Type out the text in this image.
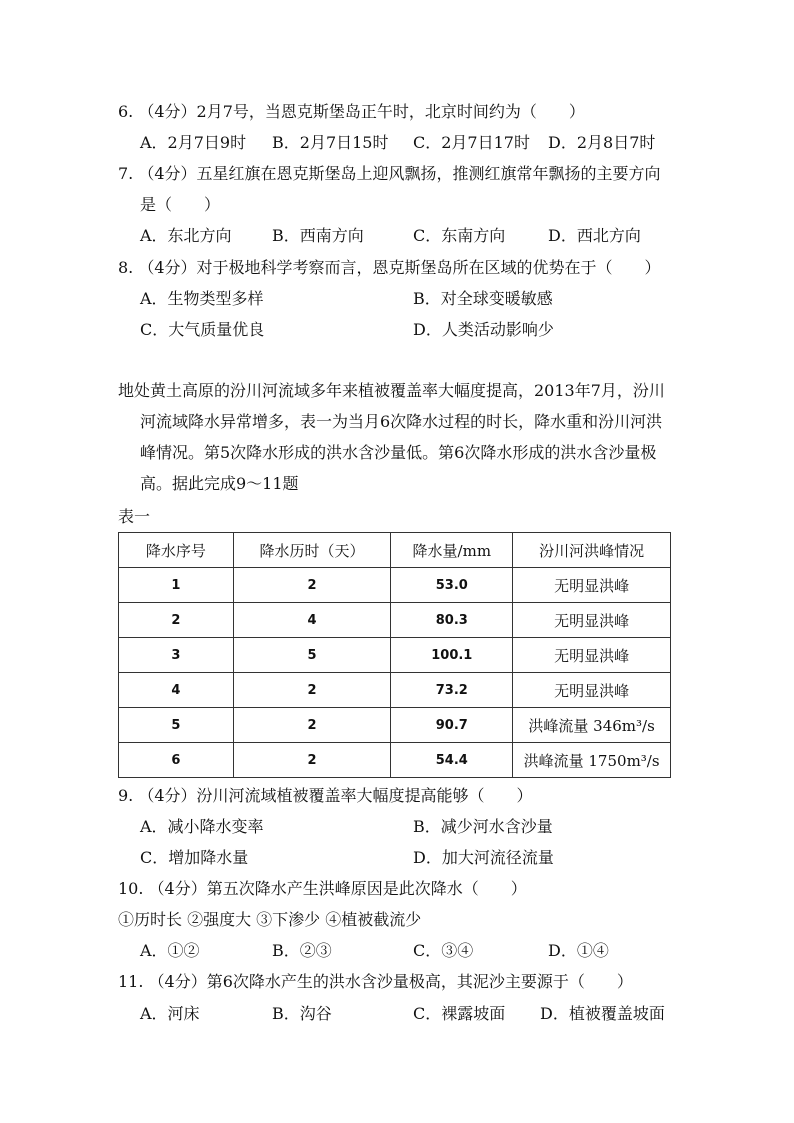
6. （4分）2月7号，当恩克斯堡岛正午时，北京时间约为（　　）
A．2月7日9时 B．2月7日15时 C．2月7日17时 D．2月8日7时
7. （4分）五星红旗在恩克斯堡岛上迎风飘扬，推测红旗常年飘扬的主要方向
是（　　）
A．东北方向	B．西南方向	C．东南方向	D．西北方向
8. （4分）对于极地科学考察而言，恩克斯堡岛所在区域的优势在于（　　）
A．生物类型多样	B．对全球变暖敏感
C．大气质量优良	D．人类活动影响少
地处黄土高原的汾川河流域多年来植被覆盖率大幅度提高，2013年7月，汾川
河流域降水异常增多，表一为当月6次降水过程的时长，降水重和汾川河洪
峰情况。第5次降水形成的洪水含沙量低。第6次降水形成的洪水含沙量极
高。据此完成9～11题
表一
降水序号	降水历时（天）	降水量/mm	汾川河洪峰情况
1	2	53.0	无明显洪峰
2	4	80.3	无明显洪峰
3	5	100.1	无明显洪峰
4	2	73.2	无明显洪峰
5	2	90.7	洪峰流量 346m³/s
6	2	54.4	洪峰流量 1750m³/s
9. （4分）汾川河流域植被覆盖率大幅度提高能够（　　）
A．减小降水变率	B．减少河水含沙量
C．增加降水量	D．加大河流径流量
10. （4分）第五次降水产生洪峰原因是此次降水（　　）
①历时长 ②强度大 ③下渗少 ④植被截流少
A．①②	B．②③	C．③④	D．①④
11. （4分）第6次降水产生的洪水含沙量极高，其泥沙主要源于（　　）
A．河床	B．沟谷	C．裸露坡面 D．植被覆盖坡面
